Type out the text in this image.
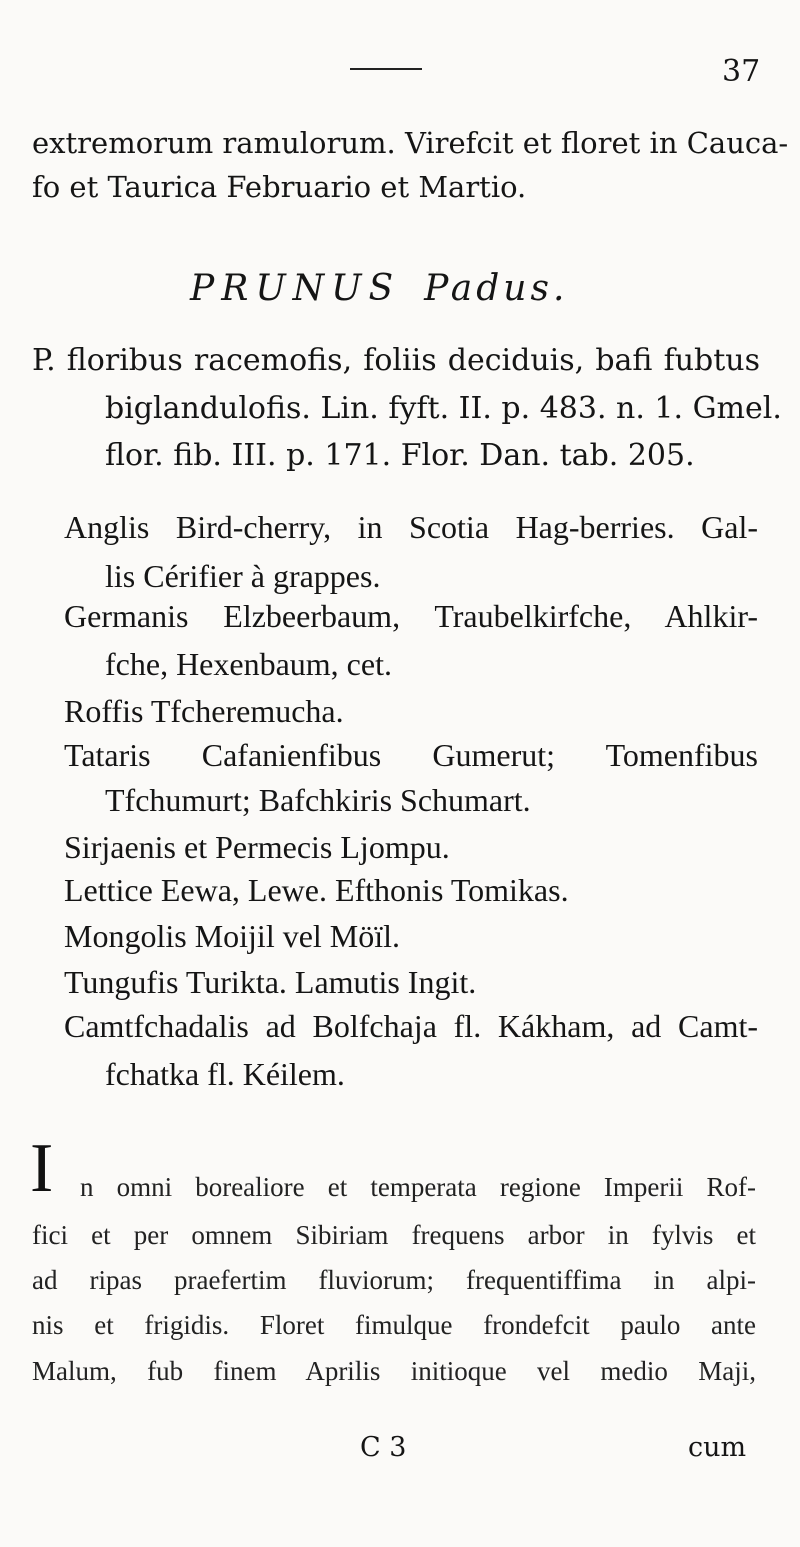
37
extremorum ramulorum. Virefcit et floret in Cauca-
fo et Taurica Februario et Martio.
PRUNUS Padus.
P. floribus racemofis, foliis deciduis, bafi fubtus
biglandulofis. Lin. fyft. II. p. 483. n. 1. Gmel.
flor. fib. III. p. 171. Flor. Dan. tab. 205.
Anglis Bird-cherry, in Scotia Hag-berries. Gal-
lis Cérifier à grappes.
Germanis Elzbeerbaum, Traubelkirfche, Ahlkir-
fche, Hexenbaum, cet.
Roffis Tfcheremucha.
Tataris Cafanienfibus Gumerut; Tomenfibus
Tfchumurt; Bafchkiris Schumart.
Sirjaenis et Permecis Ljompu.
Lettice Eewa, Lewe. Efthonis Tomikas.
Mongolis Moijil vel Möïl.
Tungufis Turikta. Lamutis Ingit.
Camtfchadalis ad Bolfchaja fl. Kákham, ad Camt-
fchatka fl. Kéilem.
I n omni borealiore et temperata regione Imperii Rof-
fici et per omnem Sibiriam frequens arbor in fylvis et
ad ripas praefertim fluviorum; frequentiffima in alpi-
nis et frigidis. Floret fimulque frondefcit paulo ante
Malum, fub finem Aprilis initioque vel medio Maji,
C 3	cum
